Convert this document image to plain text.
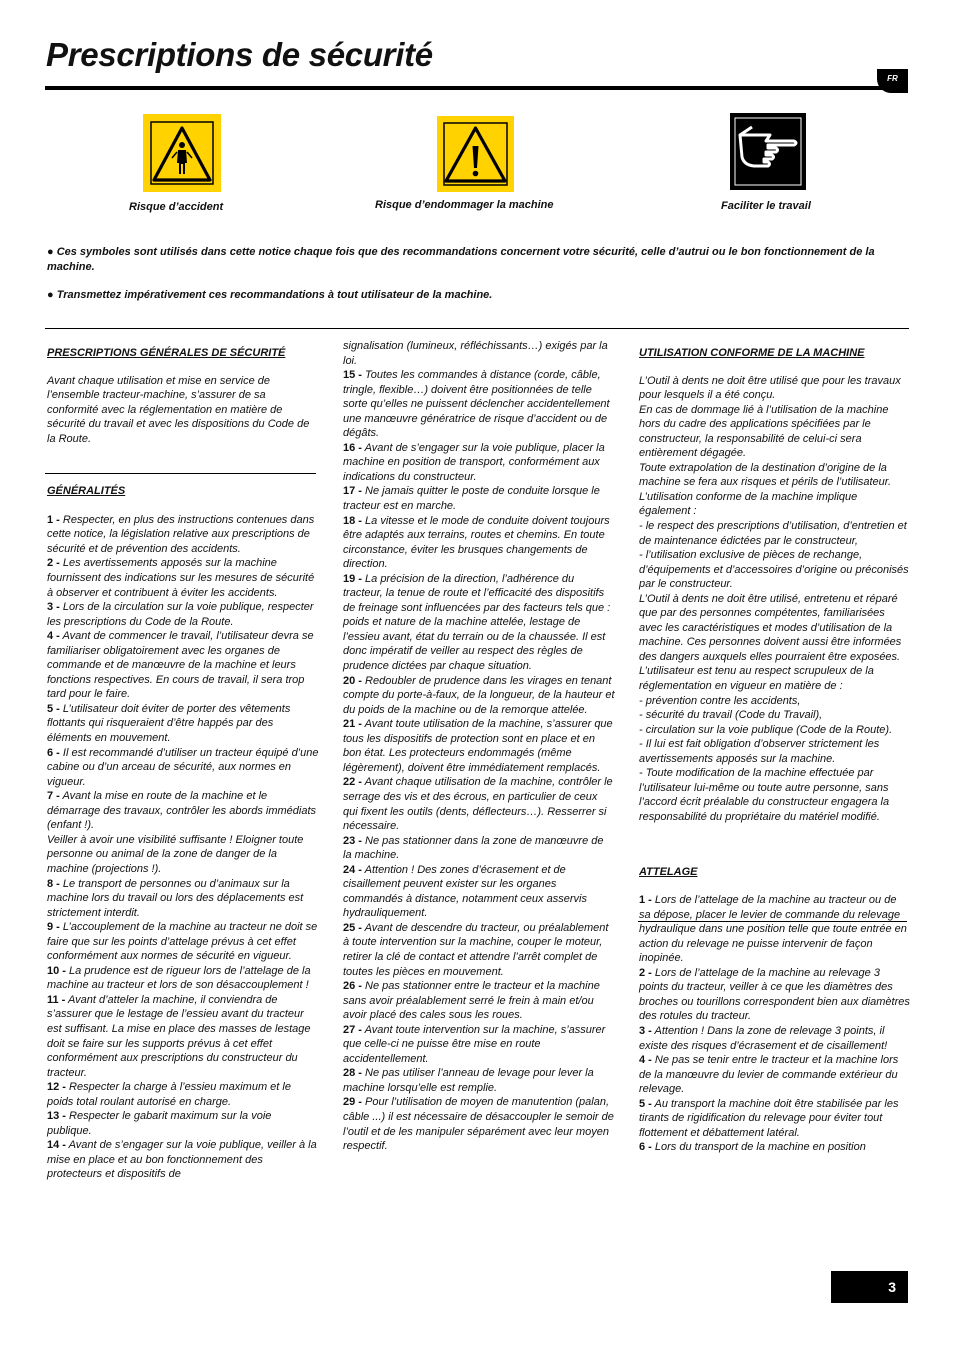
Prescriptions de sécurité
FR
Risque d’accident	Risque d’endommager la machine	Faciliter le travail

● Ces symboles sont utilisés dans cette notice chaque fois que des recommandations concernent votre sécurité, celle d’autrui ou le bon fonctionnement de la machine.

● Transmettez impérativement ces recommandations à tout utilisateur de la machine.

PRESCRIPTIONS GÉNÉRALES DE SÉCURITÉ

Avant chaque utilisation et mise en service de l’ensemble tracteur-machine, s’assurer de sa conformité avec la réglementation en matière de sécurité du travail et avec les dispositions du Code de la Route.

GÉNÉRALITÉS

1 - Respecter, en plus des instructions contenues dans cette notice, la législation relative aux prescriptions de sécurité et de prévention des accidents.

2 - Les avertissements apposés sur la machine fournissent des indications sur les mesures de sécurité à observer et contribuent à éviter les accidents.

3 - Lors de la circulation sur la voie publique, respecter les prescriptions du Code de la Route.

4 - Avant de commencer le travail, l’utilisateur devra se familiariser obligatoirement avec les organes de commande et de manœuvre de la machine et leurs fonctions respectives. En cours de travail, il sera trop tard pour le faire.

5 - L’utilisateur doit éviter de porter des vêtements flottants qui risqueraient d’être happés par des éléments en mouvement.

6 - Il est recommandé d’utiliser un tracteur équipé d’une cabine ou d’un arceau de sécurité, aux normes en vigueur.

7 - Avant la mise en route de la machine et le démarrage des travaux, contrôler les abords immédiats (enfant !).
Veiller à avoir une visibilité suffisante ! Eloigner toute personne ou animal de la zone de danger de la machine (projections !).

8 - Le transport de personnes ou d’animaux sur la machine lors du travail ou lors des déplacements est strictement interdit.

9 - L’accouplement de la machine au tracteur ne doit se faire que sur les points d’attelage prévus à cet effet conformément aux normes de sécurité en vigueur.

10 - La prudence est de rigueur lors de l’attelage de la machine au tracteur et lors de son désaccouplement !

11 - Avant d’atteler la machine, il conviendra de s’assurer que le lestage de l’essieu avant du tracteur est suffisant. La mise en place des masses de lestage doit se faire sur les supports prévus à cet effet conformément aux prescriptions du constructeur du tracteur.

12 - Respecter la charge à l’essieu maximum et le poids total roulant autorisé en charge.

13 - Respecter le gabarit maximum sur la voie publique.

14 - Avant de s’engager sur la voie publique, veiller à la mise en place et au bon fonctionnement des protecteurs et dispositifs de

signalisation (lumineux, réfléchissants…) exigés par la loi.

15 - Toutes les commandes à distance (corde, câble, tringle, flexible…) doivent être positionnées de telle sorte qu’elles ne puissent déclencher accidentellement une manœuvre génératrice de risque d’accident ou de dégâts.

16 - Avant de s’engager sur la voie publique, placer la machine en position de transport, conformément aux indications du constructeur.

17 - Ne jamais quitter le poste de conduite lorsque le tracteur est en marche.

18 - La vitesse et le mode de conduite doivent toujours être adaptés aux terrains, routes et chemins. En toute circonstance, éviter les brusques changements de direction.

19 - La précision de la direction, l’adhérence du tracteur, la tenue de route et l’efficacité des dispositifs de freinage sont influencées par des facteurs tels que : poids et nature de la machine attelée, lestage de l’essieu avant, état du terrain ou de la chaussée. Il est donc impératif de veiller au respect des règles de prudence dictées par chaque situation.

20 - Redoubler de prudence dans les virages en tenant compte du porte-à-faux, de la longueur, de la hauteur et du poids de la machine ou de la remorque attelée.

21 - Avant toute utilisation de la machine, s’assurer que tous les dispositifs de protection sont en place et en bon état. Les protecteurs endommagés (même légèrement), doivent être immédiatement remplacés.

22 - Avant chaque utilisation de la machine, contrôler le serrage des vis et des écrous, en particulier de ceux qui fixent les outils (dents, déflecteurs…). Resserrer si nécessaire.

23 - Ne pas stationner dans la zone de manœuvre de la machine.

24 - Attention ! Des zones d’écrasement et de cisaillement peuvent exister sur les organes commandés à distance, notamment ceux asservis hydrauliquement.

25 - Avant de descendre du tracteur, ou préalablement à toute intervention sur la machine, couper le moteur, retirer la clé de contact et attendre l’arrêt complet de toutes les pièces en mouvement.

26 - Ne pas stationner entre le tracteur et la machine sans avoir préalablement serré le frein à main et/ou avoir placé des cales sous les roues.

27 - Avant toute intervention sur la machine, s’assurer que celle-ci ne puisse être mise en route accidentellement.

28 - Ne pas utiliser l’anneau de levage pour lever la machine lorsqu’elle est remplie.

29 - Pour l’utilisation de moyen de manutention (palan, câble ...) il est nécessaire de désaccoupler le semoir de l’outil et de les manipuler séparément avec leur moyen respectif.

UTILISATION CONFORME DE LA MACHINE

L’Outil à dents ne doit être utilisé que pour les travaux pour lesquels il a été conçu.
En cas de dommage lié à l’utilisation de la machine hors du cadre des applications spécifiées par le constructeur, la responsabilité de celui-ci sera entièrement dégagée.
Toute extrapolation de la destination d’origine de la machine se fera aux risques et périls de l’utilisateur.
L’utilisation conforme de la machine implique également :
- le respect des prescriptions d’utilisation, d’entretien et de maintenance édictées par le constructeur,
- l’utilisation exclusive de pièces de rechange, d’équipements et d’accessoires d’origine ou préconisés par le constructeur.
L’Outil à dents ne doit être utilisé, entretenu et réparé que par des personnes compétentes, familiarisées avec les caractéristiques et modes d’utilisation de la machine. Ces personnes doivent aussi être informées des dangers auxquels elles pourraient être exposées.
L’utilisateur est tenu au respect scrupuleux de la réglementation en vigueur en matière de :
- prévention contre les accidents,
- sécurité du travail (Code du Travail),
- circulation sur la voie publique (Code de la Route).
- Il lui est fait obligation d’observer strictement les avertissements apposés sur la machine.
- Toute modification de la machine effectuée par l’utilisateur lui-même ou toute autre personne, sans l’accord écrit préalable du constructeur engagera la responsabilité du propriétaire du matériel modifié.

ATTELAGE

1 - Lors de l’attelage de la machine au tracteur ou de sa dépose, placer le levier de commande du relevage hydraulique dans une position telle que toute entrée en action du relevage ne puisse intervenir de façon inopinée.

2 - Lors de l’attelage de la machine au relevage 3 points du tracteur, veiller à ce que les diamètres des broches ou tourillons correspondent bien aux diamètres des rotules du tracteur.

3 - Attention ! Dans la zone de relevage 3 points, il existe des risques d’écrasement et de cisaillement!

4 - Ne pas se tenir entre le tracteur et la machine lors de la manœuvre du levier de commande extérieur du relevage.

5 - Au transport la machine doit être stabilisée par les tirants de rigidification du relevage pour éviter tout flottement et débattement latéral.

6 - Lors du transport de la machine en position

3
